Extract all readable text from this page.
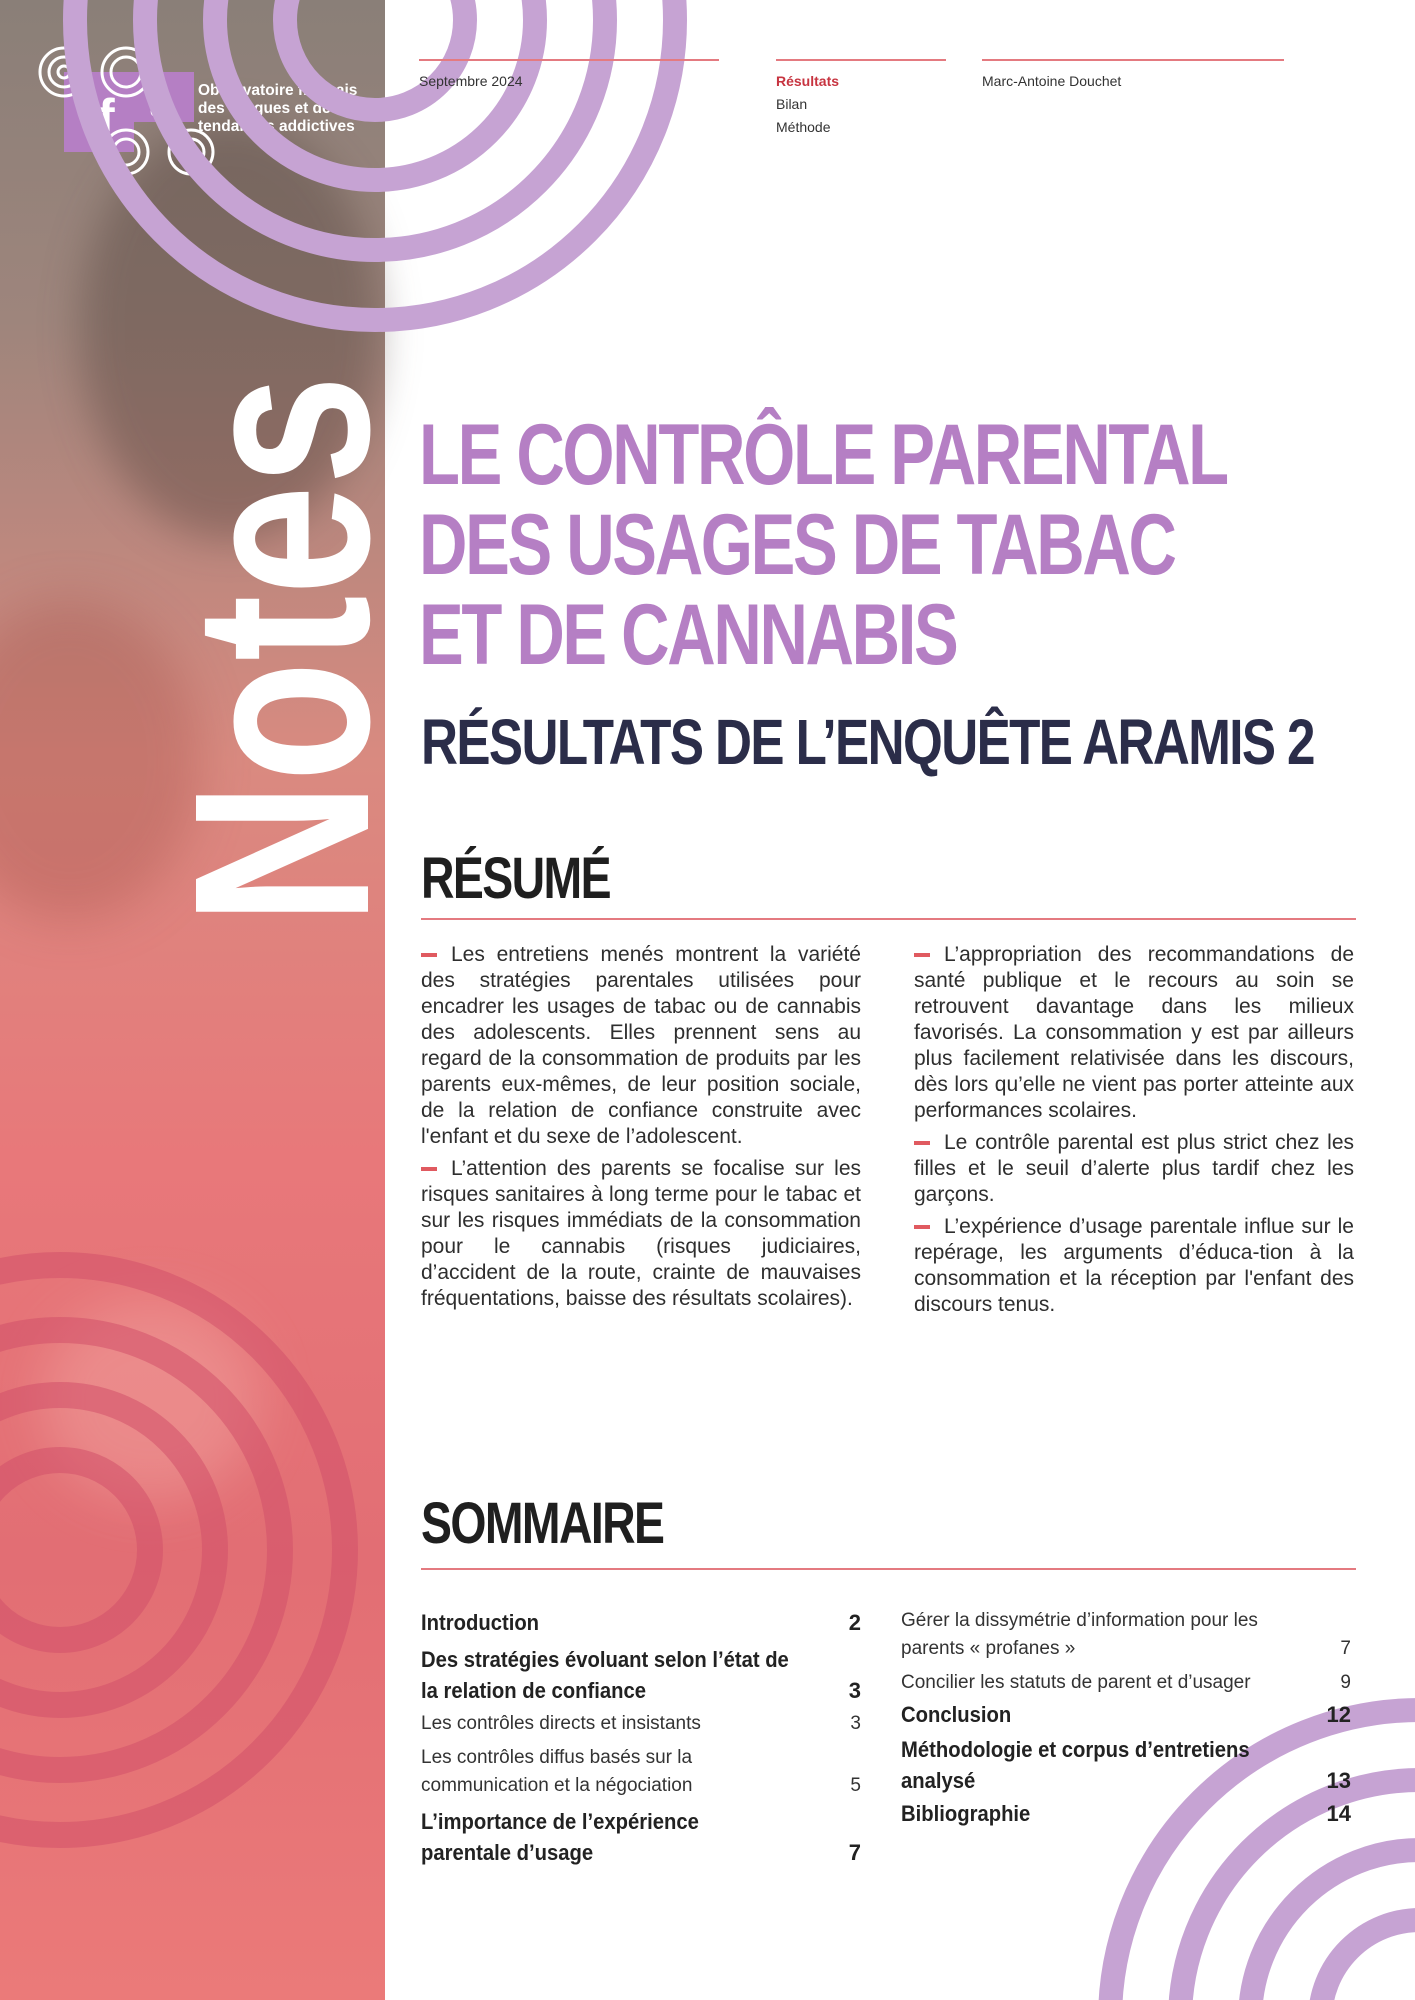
Notes
f t Observatoire français
des drogues et des
tendances addictives
Septembre 2024	Résultats
Bilan
Méthode
Marc-Antoine Douchet
LE CONTRÔLE PARENTAL
DES USAGES DE TABAC
ET DE CANNABIS
RÉSULTATS DE L’ENQUÊTE ARAMIS 2
RÉSUMÉ

Les entretiens menés montrent la variété des stratégies parentales utilisées pour encadrer les usages de tabac ou de cannabis des adolescents. Elles prennent sens au regard de la consommation de produits par les parents eux-mêmes, de leur position sociale, de la relation de confiance construite avec l'enfant et du sexe de l’adolescent.

L’attention des parents se focalise sur les risques sanitaires à long terme pour le tabac et sur les risques immédiats de la consommation pour le cannabis (risques judiciaires, d’accident de la route, crainte de mauvaises fréquentations, baisse des résultats scolaires).

L’appropriation des recommandations de santé publique et le recours au soin se retrouvent davantage dans les milieux favorisés. La consommation y est par ailleurs plus facilement relativisée dans les discours, dès lors qu’elle ne vient pas porter atteinte aux performances scolaires.

Le contrôle parental est plus strict chez les filles et le seuil d’alerte plus tardif chez les garçons.

L’expérience d’usage parentale influe sur le repérage, les arguments d’éduca-tion à la consommation et la réception par l'enfant des discours tenus.

SOMMAIRE
Introduction	2
Des stratégies évoluant selon l’état de la relation de confiance	3
Les contrôles directs et insistants	3
Les contrôles diffus basés sur la communication et la négociation	5
L’importance de l’expérience parentale d’usage	7
Gérer la dissymétrie d’information pour les parents « profanes »	7
Concilier les statuts de parent et d’usager	9
Conclusion	12
Méthodologie et corpus d’entretiens analysé	13
Bibliographie	14
